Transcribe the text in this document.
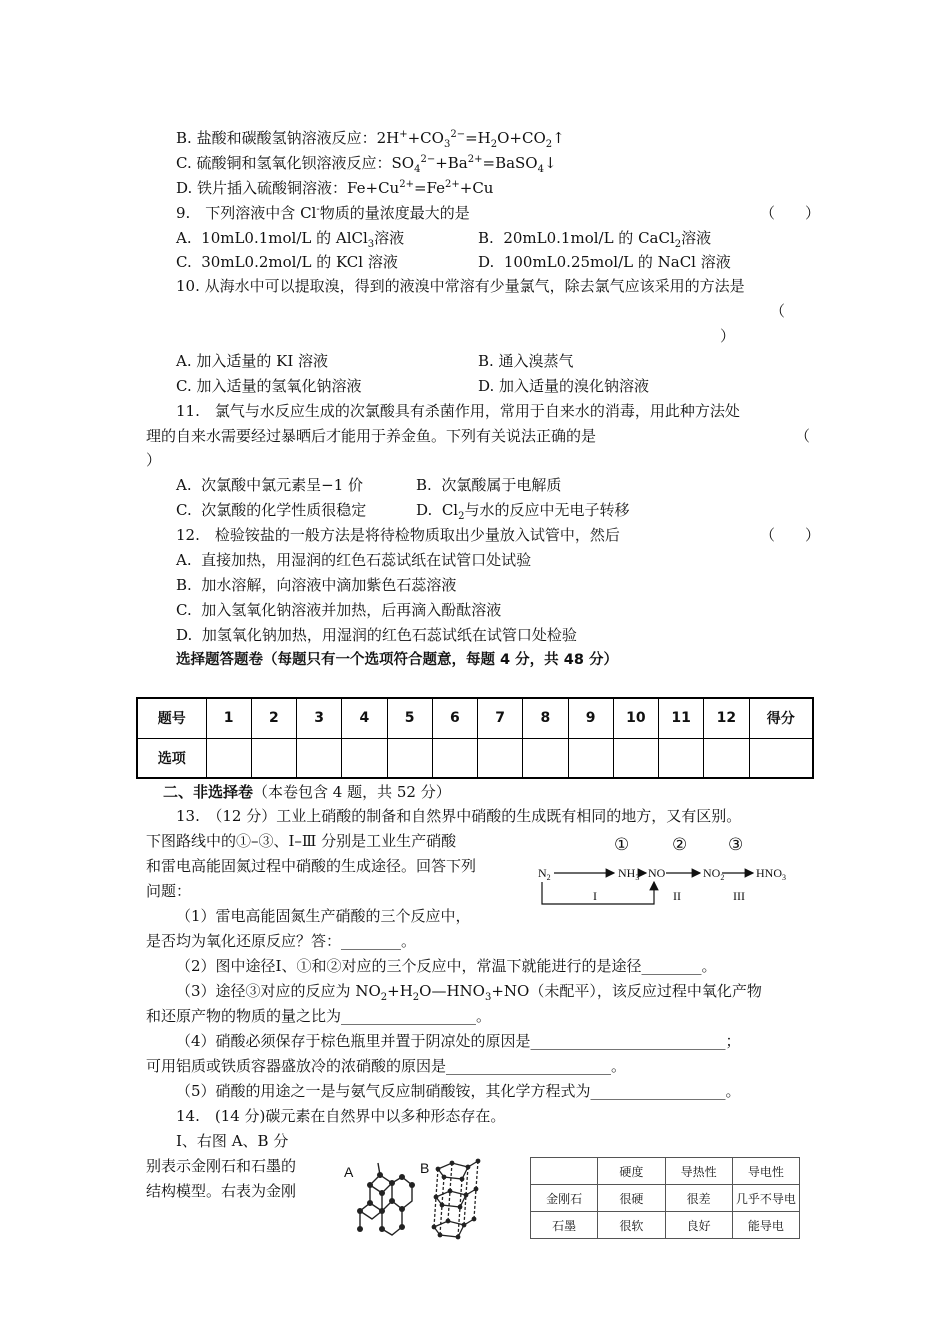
B. 盐酸和碳酸氢钠溶液反应：$2H^++CO_3^{2-}=H_2O+CO_2↑$
C. 硫酸铜和氢氧化钡溶液反应：$SO_4^{2-}+Ba^{2+}=BaSO_4↓$
D. 铁片插入硫酸铜溶液：$Fe+Cu^{2+}=Fe^{2+}+Cu$
9.　下列溶液中含 Cl-物质的量浓度最大的是	（　　）
A. 10mL0.1mol/L 的 AlCl$_3$溶液	B. 20mL0.1mol/L 的 CaCl$_2$溶液
C. 30mL0.2mol/L 的 KCl 溶液	D. 100mL0.25mol/L 的 NaCl 溶液
10. 从海水中可以提取溴，得到的液溴中常溶有少量氯气，除去氯气应该采用的方法是
（
）
A. 加入适量的 KI 溶液	B. 通入溴蒸气
C. 加入适量的氢氧化钠溶液	D. 加入适量的溴化钠溶液
11.　氯气与水反应生成的次氯酸具有杀菌作用，常用于自来水的消毒，用此种方法处
理的自来水需要经过暴晒后才能用于养金鱼。下列有关说法正确的是	（
）
A. 次氯酸中氯元素呈−1 价	B. 次氯酸属于电解质
C. 次氯酸的化学性质很稳定	D. $Cl_2$与水的反应中无电子转移
12.　检验铵盐的一般方法是将待检物质取出少量放入试管中，然后	（　　）
A. 直接加热，用湿润的红色石蕊试纸在试管口处试验
B. 加水溶解，向溶液中滴加紫色石蕊溶液
C. 加入氢氧化钠溶液并加热，后再滴入酚酞溶液
D. 加氢氧化钠加热，用湿润的红色石蕊试纸在试管口处检验
选择题答题卷（每题只有一个选项符合题意，每题 4 分，共 48 分）
题号	1	2	3	4	5	6	7	8	9	10	11	12	得分
选项													
二、非选择卷（本卷包含 4 题，共 52 分）
13.　（12 分）工业上硝酸的制备和自然界中硝酸的生成既有相同的地方，又有区别。
下图路线中的①–③、Ⅰ–Ⅲ 分别是工业生产硝酸
和雷电高能固氮过程中硝酸的生成途径。回答下列
问题：
$N_2$	$NH_3$ NO	$NO_2$	$HNO_3$
①	② ③
I	II	III
（1）雷电高能固氮生产硝酸的三个反应中，
是否均为氧化还原反应？答：________。
（2）图中途径Ⅰ、①和②对应的三个反应中，常温下就能进行的是途径________。
（3）途径③对应的反应为 $NO_2+H_2O—HNO_3+NO$（未配平），该反应过程中氧化产物
和还原产物的物质的量之比为__________________。
（4）硝酸必须保存于棕色瓶里并置于阴凉处的原因是__________________________；
可用铝质或铁质容器盛放冷的浓硝酸的原因是______________________。
（5）硝酸的用途之一是与氨气反应制硝酸铵，其化学方程式为__________________。
14.　(14 分)碳元素在自然界中以多种形态存在。
I、右图 A、B 分
别表示金刚石和石墨的
结构模型。右表为金刚
A	B
		硬度	导热性	导电性
金刚石	很硬	很差	几乎不导电
石墨	很软	良好	能导电
